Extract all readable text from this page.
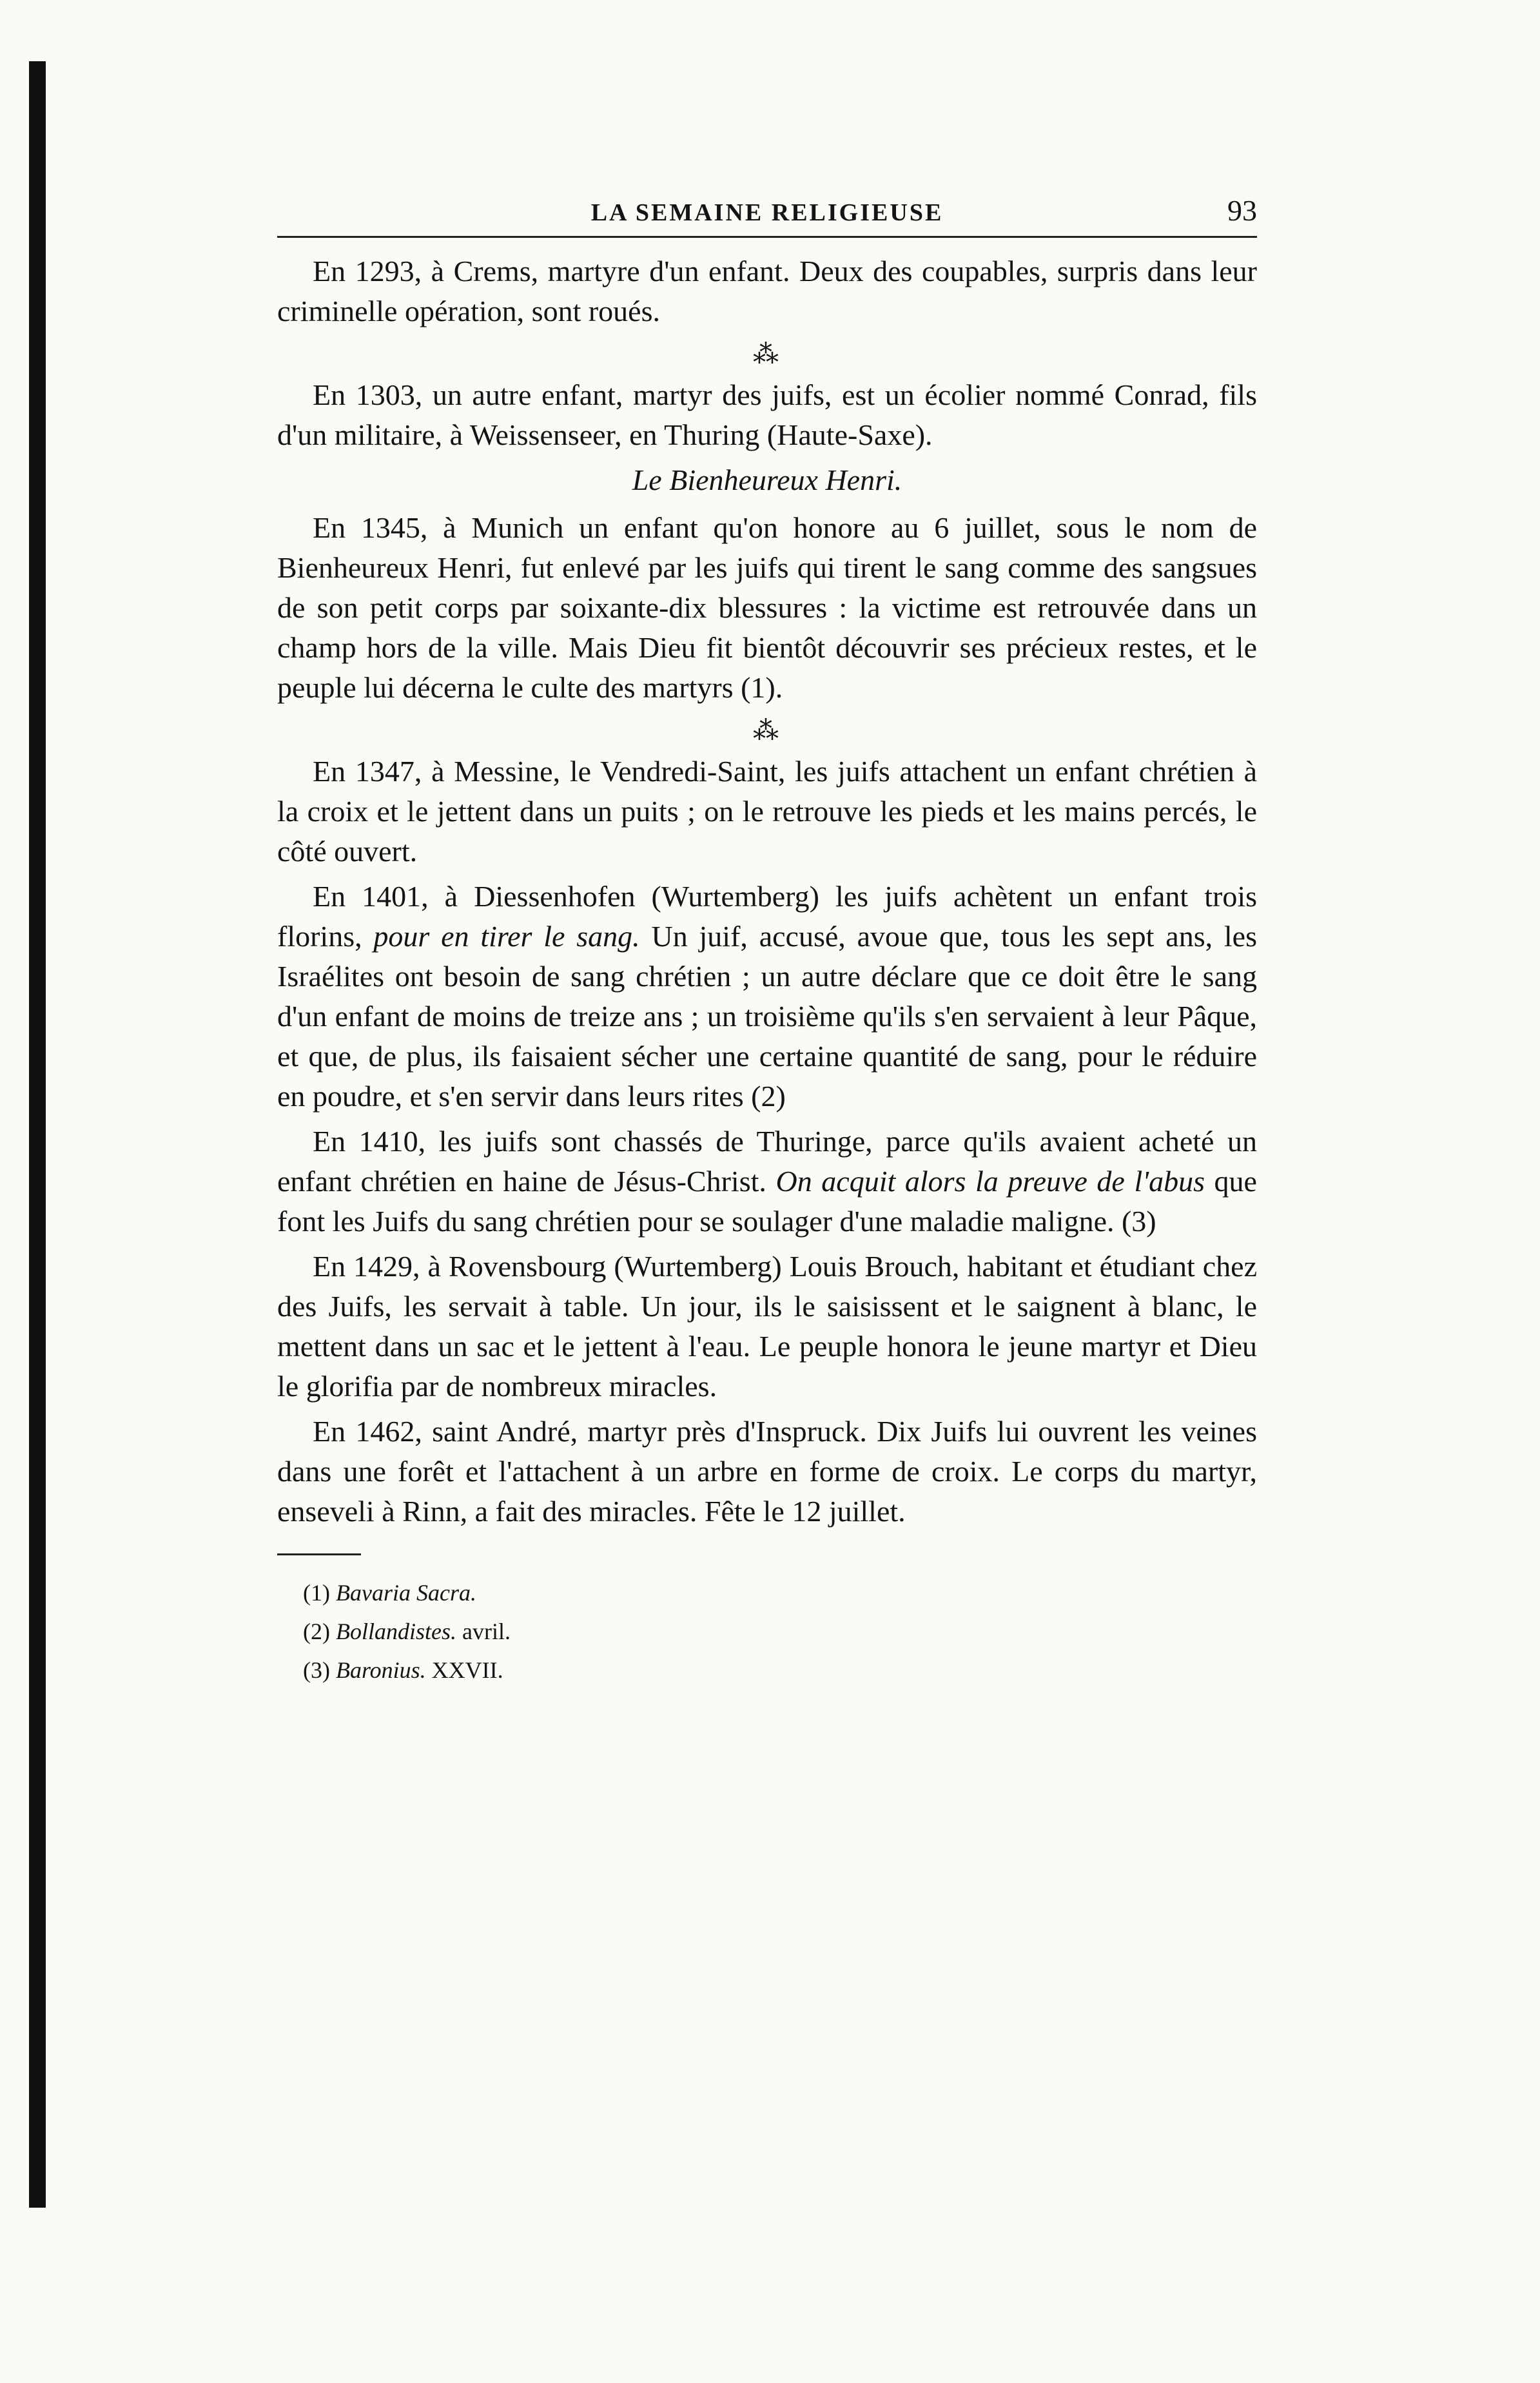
LA SEMAINE RELIGIEUSE	93

En 1293, à Crems, martyre d'un enfant. Deux des coupables, surpris dans leur criminelle opération, sont roués.

⁂

En 1303, un autre enfant, martyr des juifs, est un écolier nommé Conrad, fils d'un militaire, à Weissenseer, en Thuring (Haute-Saxe).

Le Bienheureux Henri.

En 1345, à Munich un enfant qu'on honore au 6 juillet, sous le nom de Bienheureux Henri, fut enlevé par les juifs qui tirent le sang comme des sangsues de son petit corps par soixante-dix blessures : la victime est retrouvée dans un champ hors de la ville. Mais Dieu fit bientôt découvrir ses précieux restes, et le peuple lui décerna le culte des martyrs (1).

⁂

En 1347, à Messine, le Vendredi-Saint, les juifs attachent un enfant chrétien à la croix et le jettent dans un puits ; on le retrouve les pieds et les mains percés, le côté ouvert.

En 1401, à Diessenhofen (Wurtemberg) les juifs achètent un enfant trois florins, pour en tirer le sang. Un juif, accusé, avoue que, tous les sept ans, les Israélites ont besoin de sang chrétien ; un autre déclare que ce doit être le sang d'un enfant de moins de treize ans ; un troisième qu'ils s'en servaient à leur Pâque, et que, de plus, ils faisaient sécher une certaine quantité de sang, pour le réduire en poudre, et s'en servir dans leurs rites (2)

En 1410, les juifs sont chassés de Thuringe, parce qu'ils avaient acheté un enfant chrétien en haine de Jésus-Christ. On acquit alors la preuve de l'abus que font les Juifs du sang chrétien pour se soulager d'une maladie maligne. (3)

En 1429, à Rovensbourg (Wurtemberg) Louis Brouch, habitant et étudiant chez des Juifs, les servait à table. Un jour, ils le saisissent et le saignent à blanc, le mettent dans un sac et le jettent à l'eau. Le peuple honora le jeune martyr et Dieu le glorifia par de nombreux miracles.

En 1462, saint André, martyr près d'Inspruck. Dix Juifs lui ouvrent les veines dans une forêt et l'attachent à un arbre en forme de croix. Le corps du martyr, enseveli à Rinn, a fait des miracles. Fête le 12 juillet.

(1) Bavaria Sacra.
(2) Bollandistes. avril.
(3) Baronius. XXVII.
